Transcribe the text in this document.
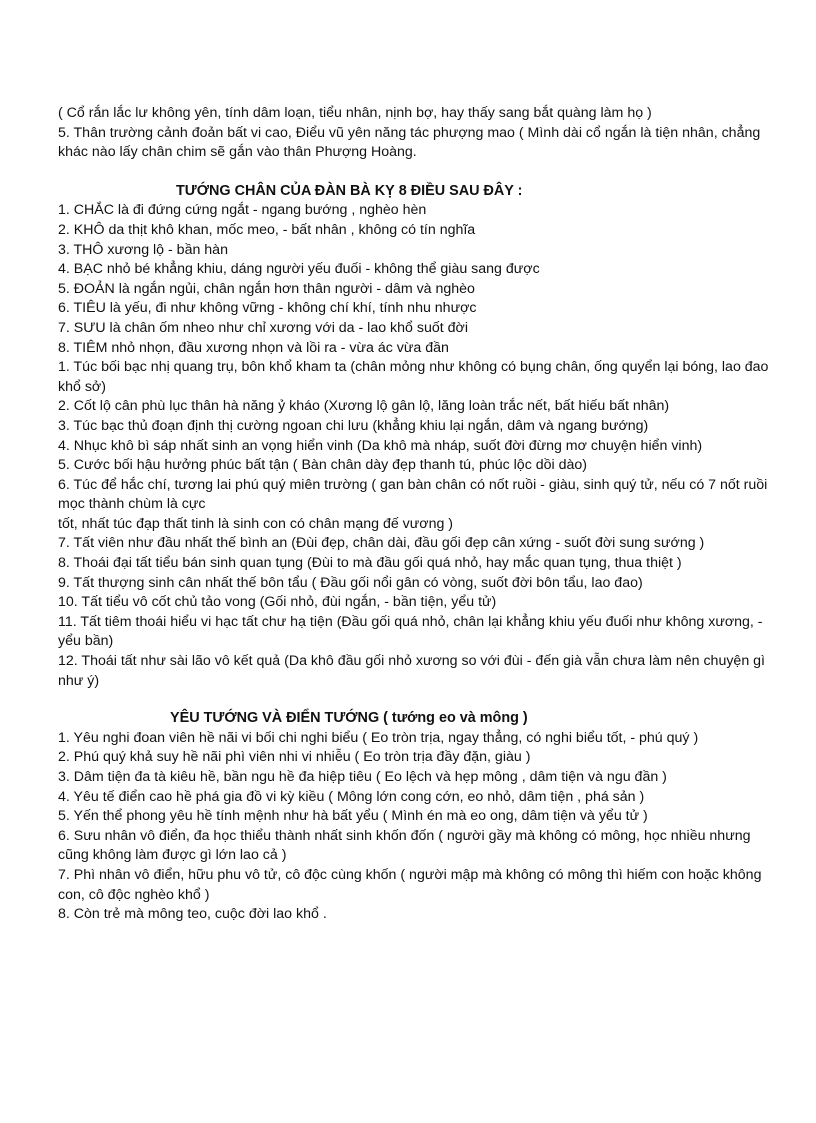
( Cổ rắn lắc lư không yên, tính dâm loạn, tiểu nhân, nịnh bợ, hay thấy sang bắt quàng làm họ )

5. Thân trường cảnh đoản bất vi cao, Điểu vũ yên năng tác phượng mao ( Mình dài cổ ngắn là tiện nhân, chẳng khác nào lấy chân chim sẽ gắn vào thân Phượng Hoàng.

TƯỚNG CHÂN CỦA ĐÀN BÀ KỴ 8 ĐIỀU SAU ĐÂY :

1. CHẮC là đi đứng cứng ngắt - ngang bướng , nghèo hèn

2. KHÔ da thịt khô khan, mốc meo, - bất nhân , không có tín nghĩa

3. THÔ xương lộ - bần hàn

4. BẠC nhỏ bé khẳng khiu, dáng người yếu đuối - không thể giàu sang được

5. ĐOẢN là ngắn ngủi, chân ngắn hơn thân người - dâm và nghèo

6. TIÊU là yếu, đi như không vững - không chí khí, tính nhu nhược

7. SƯU là chân ốm nheo như chỉ xương với da - lao khổ suốt đời

8. TIÊM nhỏ nhọn, đầu xương nhọn và lồi ra - vừa ác vừa đần

1. Túc bối bạc nhị quang trụ, bôn khổ kham ta (chân mỏng như không có bụng chân, ống quyển lại bóng, lao đao khổ sở)

2. Cốt lộ cân phù lục thân hà năng ỷ kháo (Xương lộ gân lộ, lăng loàn trắc nết, bất hiếu bất nhân)

3. Túc bạc thủ đoạn định thị cường ngoan chi lưu (khẳng khiu lại ngắn, dâm và ngang bướng)

4. Nhục khô bì sáp nhất sinh an vọng hiển vinh (Da khô mà nháp, suốt đời đừng mơ chuyện hiển vinh)

5. Cước bối hậu hưởng phúc bất tận ( Bàn chân dày đẹp thanh tú, phúc lộc dồi dào)

6. Túc để hắc chí, tương lai phú quý miên trường ( gan bàn chân có nốt ruồi - giàu, sinh quý tử, nếu có 7 nốt ruồi mọc thành chùm là cực

tốt, nhất túc đạp thất tinh là sinh con có chân mạng đế vương )

7. Tất viên như đầu nhất thế bình an (Đùi đẹp, chân dài, đầu gối đẹp cân xứng - suốt đời sung sướng )

8. Thoái đại tất tiểu bán sinh quan tụng (Đùi to mà đầu gối quá nhỏ, hay mắc quan tụng, thua thiệt )

9. Tất thượng sinh cân nhất thế bôn tẩu ( Đầu gối nổi gân có vòng, suốt đời bôn tẩu, lao đao)

10. Tất tiểu vô cốt chủ tảo vong (Gối nhỏ, đùi ngắn, - bần tiện, yểu tử)

11. Tất tiêm thoái hiểu vi hạc tất chư hạ tiện (Đầu gối quá nhỏ, chân lại khẳng khiu yếu đuối như không xương, - yểu bần)

12. Thoái tất như sài lão vô kết quả (Da khô đầu gối nhỏ xương so với đùi - đến già vẫn chưa làm nên chuyện gì như ý)

YÊU TƯỚNG VÀ ĐIỂN TƯỚNG ( tướng eo và mông )

1. Yêu nghi đoan viên hề nãi vi bối chi nghi biểu ( Eo tròn trịa, ngay thẳng, có nghi biểu tốt, - phú quý )

2. Phú quý khả suy hề nãi phì viên nhi vi nhiễu ( Eo tròn trịa đầy đặn, giàu )

3. Dâm tiện đa tà kiêu hề, bần ngu hề đa hiệp tiêu ( Eo lệch và hẹp mông , dâm tiện và ngu đần )

4. Yêu tế điển cao hề phá gia đồ vi kỳ kiều ( Mông lớn cong cớn, eo nhỏ, dâm tiện , phá sản )

5. Yến thể phong yêu hề tính mệnh như hà bất yểu ( Mình én mà eo ong, dâm tiện và yểu tử )

6. Sưu nhân vô điển, đa học thiểu thành nhất sinh khốn đốn ( người gầy mà không có mông, học nhiều nhưng cũng không làm được gì lớn lao cả )

7. Phì nhân vô điển, hữu phu vô tử, cô độc cùng khốn ( người mập mà không có mông thì hiếm con hoặc không con, cô độc nghèo khổ )

8. Còn trẻ mà mông teo, cuộc đời lao khổ .
